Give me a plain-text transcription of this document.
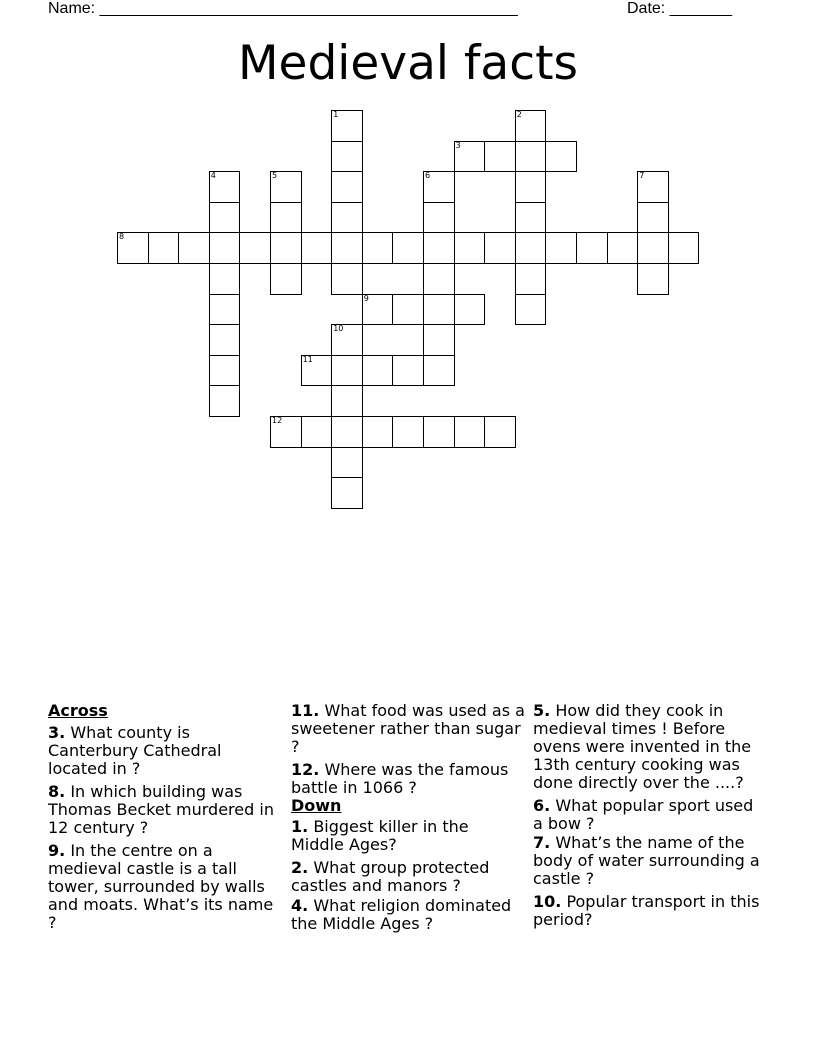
Name: _______________________________________________	Date: _______
Medieval facts
1	2
3
4	5	6	7
8
9
10
11
12
Across
3. What county is Canterbury Cathedral located in ?
8. In which building was Thomas Becket murdered in 12 century ?
9. In the centre on a medieval castle is a tall tower, surrounded by walls and moats. What’s its name ?
11. What food was used as a sweetener rather than sugar ?
12. Where was the famous battle in 1066 ?
Down
1. Biggest killer in the Middle Ages?
2. What group protected castles and manors ?
4. What religion dominated the Middle Ages ?
5. How did they cook in medieval times ! Before ovens were invented in the 13th century cooking was done directly over the ....?
6. What popular sport used a bow ?
7. What’s the name of the body of water surrounding a castle ?
10. Popular transport in this period?
